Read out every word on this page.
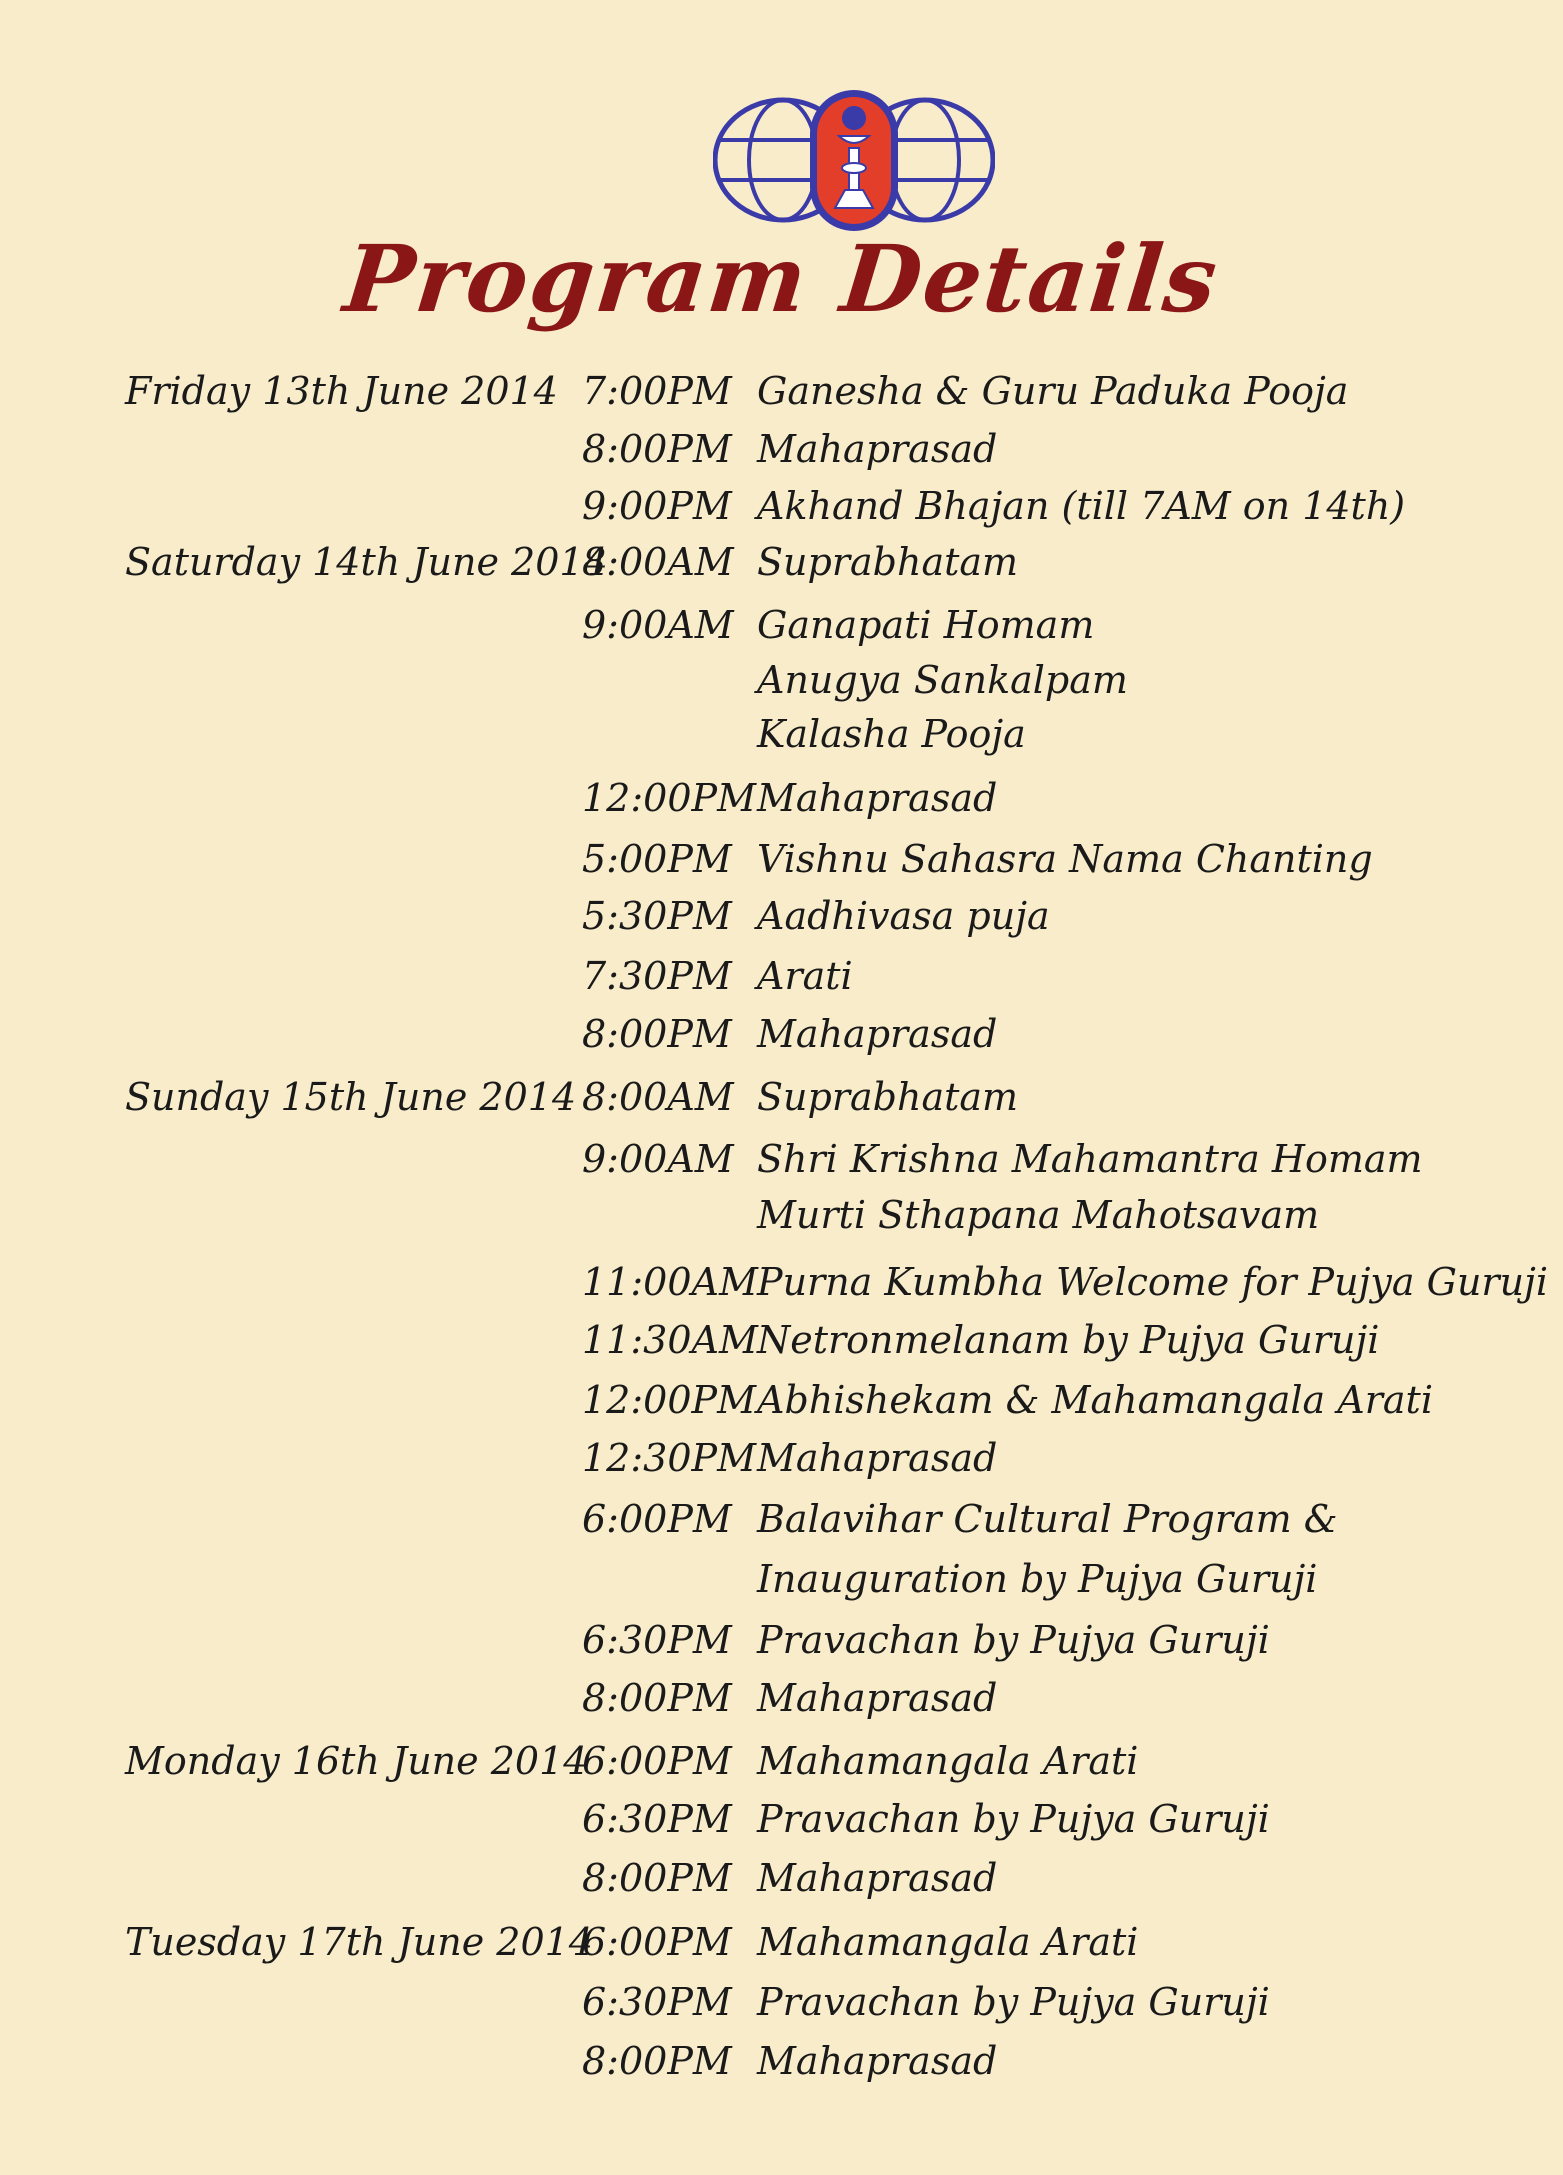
Program Details
Friday 13th June 2014 7:00PM Ganesha & Guru Paduka Pooja
8:00PM Mahaprasad
9:00PM Akhand Bhajan (till 7AM on 14th)
Saturday 14th June 2014
8:00AM Suprabhatam
9:00AM Ganapati Homam
Anugya Sankalpam
Kalasha Pooja
12:00PM Mahaprasad
5:00PM Vishnu Sahasra Nama Chanting
5:30PM Aadhivasa puja
7:30PM Arati
8:00PM Mahaprasad
Sunday 15th June 2014 8:00AM Suprabhatam
9:00AM Shri Krishna Mahamantra Homam
Murti Sthapana Mahotsavam
11:00AM Purna Kumbha Welcome for Pujya Guruji
11:30AM Netronmelanam by Pujya Guruji
12:00PM Abhishekam & Mahamangala Arati
12:30PM Mahaprasad
6:00PM Balavihar Cultural Program &
Inauguration by Pujya Guruji
6:30PM Pravachan by Pujya Guruji
8:00PM Mahaprasad
Monday 16th June 2014
6:00PM Mahamangala Arati
6:30PM Pravachan by Pujya Guruji
8:00PM Mahaprasad
Tuesday 17th June 2014
6:00PM Mahamangala Arati
6:30PM Pravachan by Pujya Guruji
8:00PM Mahaprasad
